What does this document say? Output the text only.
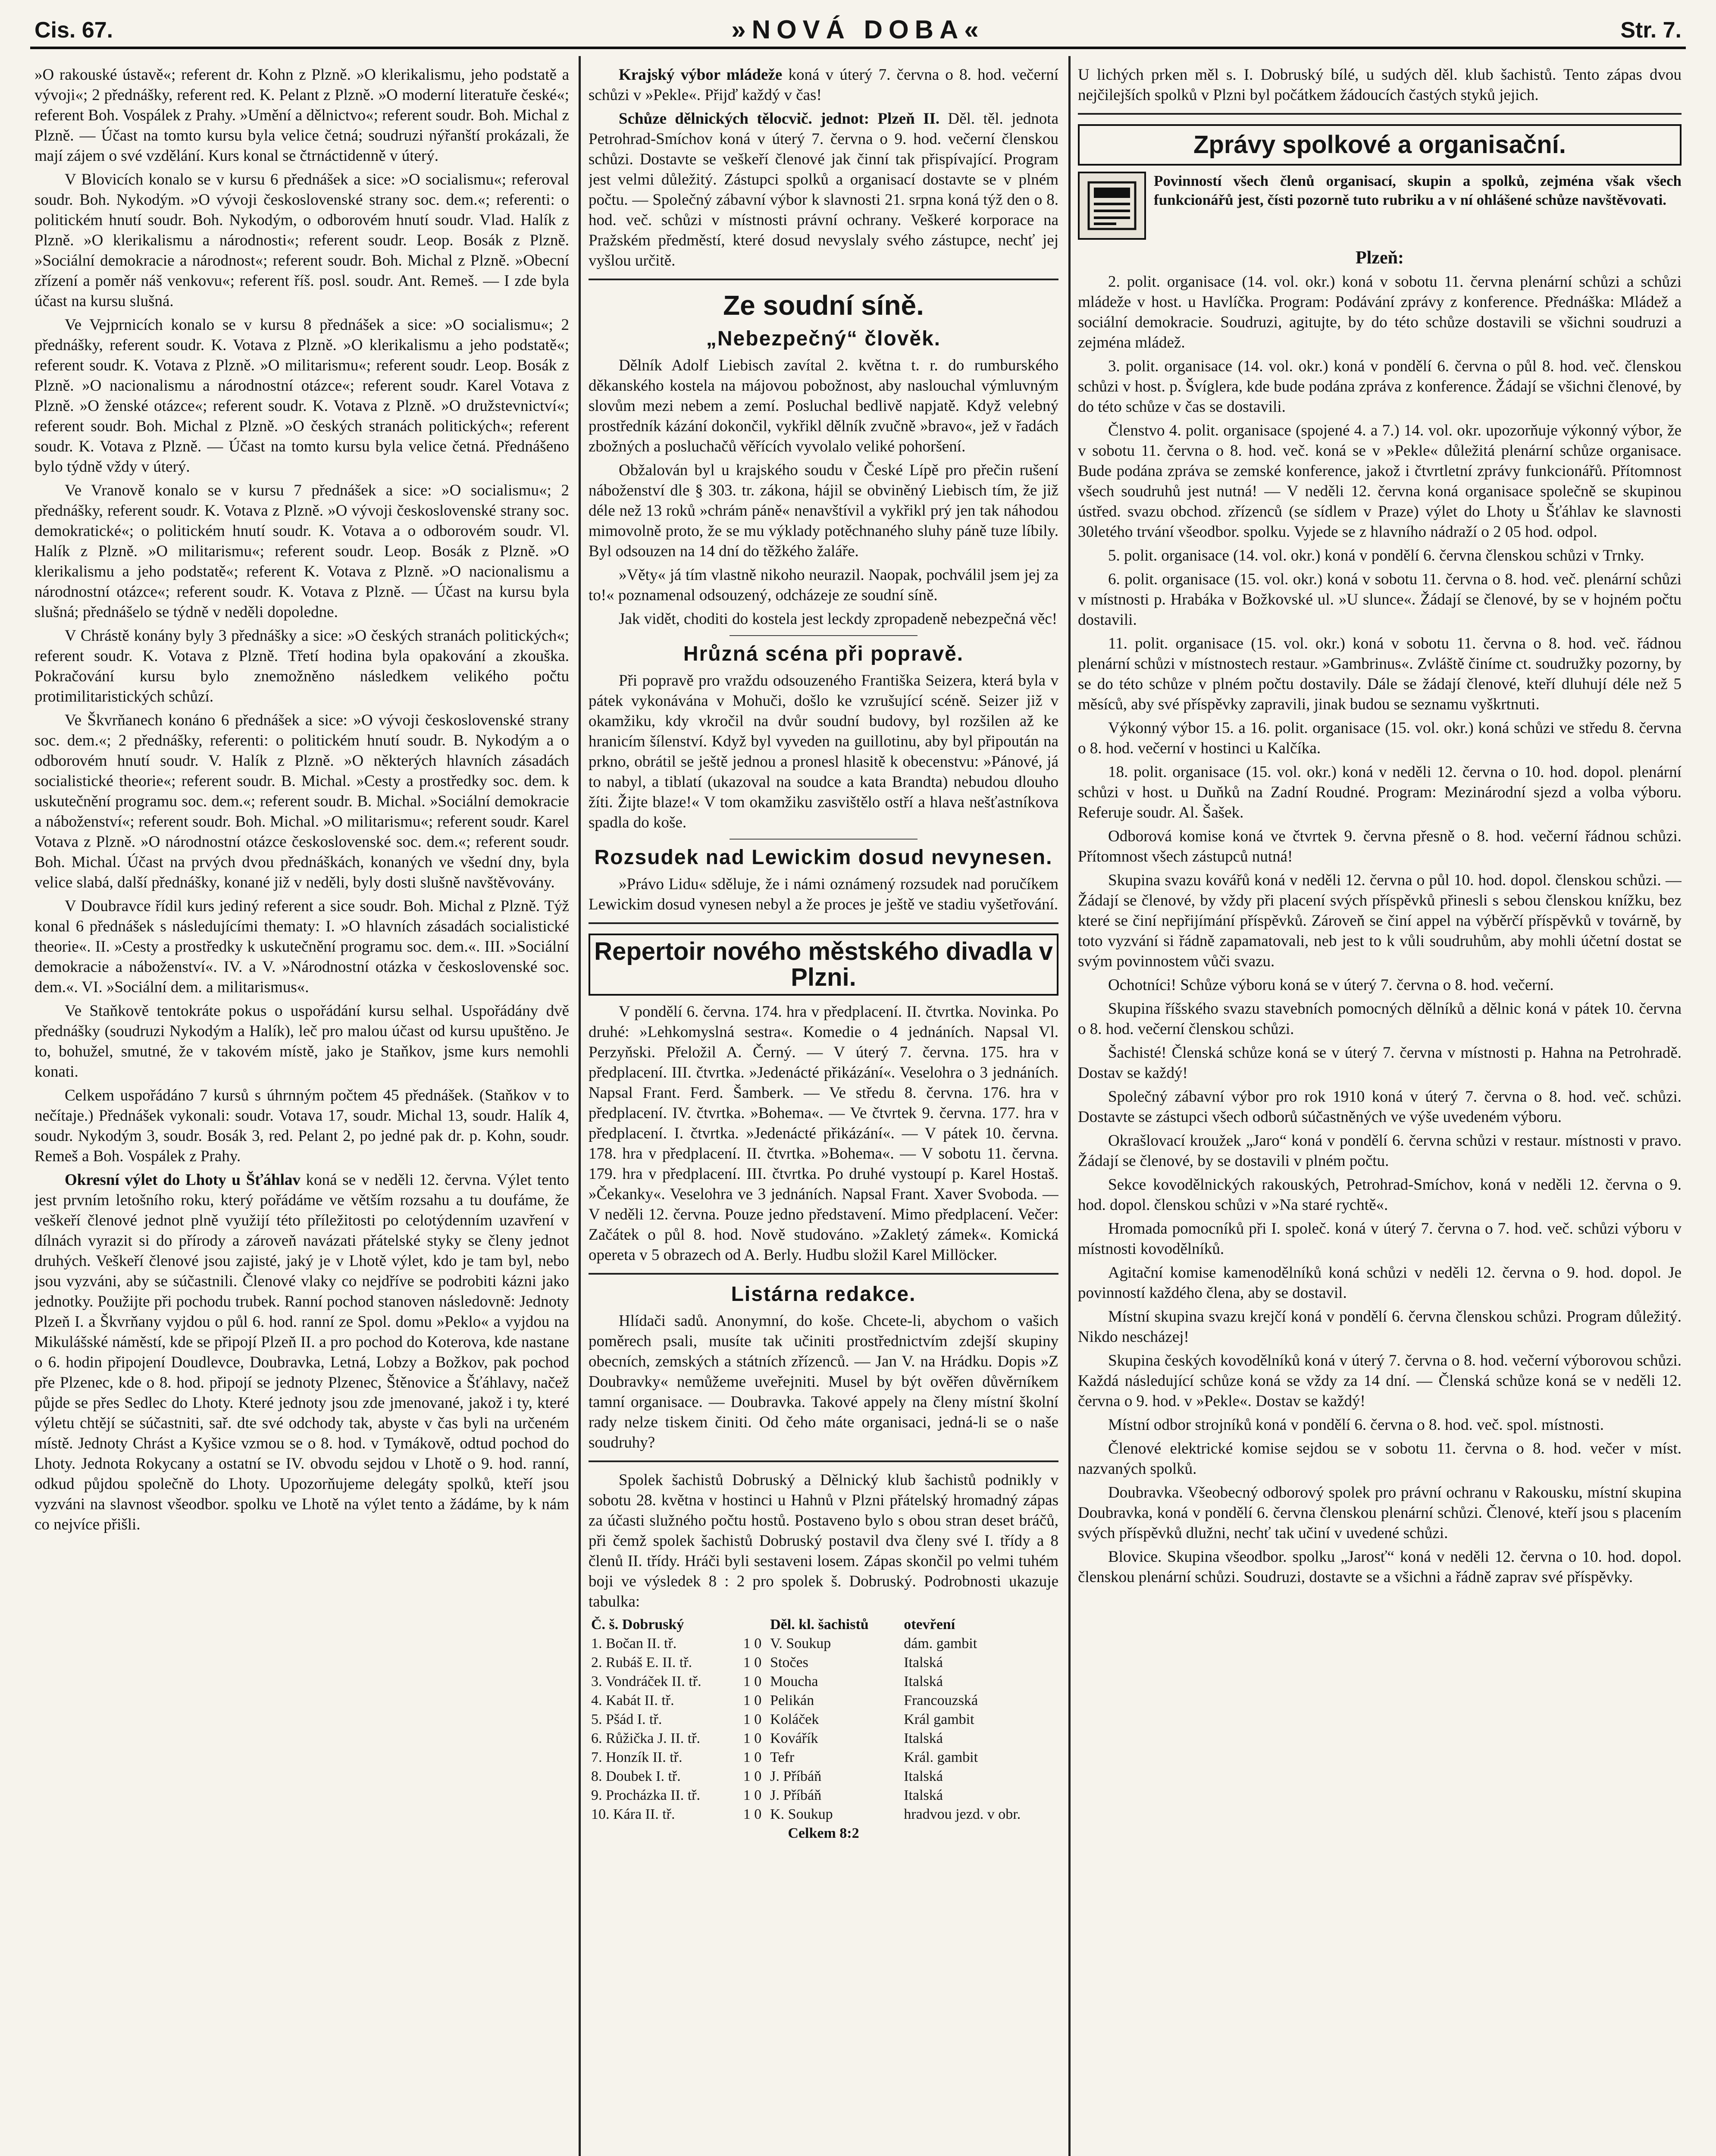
Cis. 67.	»NOVÁ DOBA«	Str. 7.

»O rakouské ústavě«; referent dr. Kohn z Plzně. »O klerikalismu, jeho podstatě a vývoji«; 2 přednášky, referent red. K. Pelant z Plzně. »O moderní literatuře české«; referent Boh. Vospálek z Prahy. »Umění a dělnictvo«; referent soudr. Boh. Michal z Plzně. — Účast na tomto kursu byla velice četná; soudruzi nýřanští prokázali, že mají zájem o své vzdělání. Kurs konal se čtrnáctidenně v úterý.

V Blovicích konalo se v kursu 6 přednášek a sice: »O socialismu«; referoval soudr. Boh. Nykodým. »O vývoji československé strany soc. dem.«; referenti: o politickém hnutí soudr. Boh. Nykodým, o odborovém hnutí soudr. Vlad. Halík z Plzně. »O klerikalismu a národnosti«; referent soudr. Leop. Bosák z Plzně. »Sociální demokracie a národnost«; referent soudr. Boh. Michal z Plzně. »Obecní zřízení a poměr náš venkovu«; referent říš. posl. soudr. Ant. Remeš. — I zde byla účast na kursu slušná.

Ve Vejprnicích konalo se v kursu 8 přednášek a sice: »O socialismu«; 2 přednášky, referent soudr. K. Votava z Plzně. »O klerikalismu a jeho podstatě«; referent soudr. K. Votava z Plzně. »O militarismu«; referent soudr. Leop. Bosák z Plzně. »O nacionalismu a národnostní otázce«; referent soudr. Karel Votava z Plzně. »O ženské otázce«; referent soudr. K. Votava z Plzně. »O družstevnictví«; referent soudr. Boh. Michal z Plzně. »O českých stranách politických«; referent soudr. K. Votava z Plzně. — Účast na tomto kursu byla velice četná. Přednášeno bylo týdně vždy v úterý.

Ve Vranově konalo se v kursu 7 přednášek a sice: »O socialismu«; 2 přednášky, referent soudr. K. Votava z Plzně. »O vývoji československé strany soc. demokratické«; o politickém hnutí soudr. K. Votava a o odborovém soudr. Vl. Halík z Plzně. »O militarismu«; referent soudr. Leop. Bosák z Plzně. »O klerikalismu a jeho podstatě«; referent K. Votava z Plzně. »O nacionalismu a národnostní otázce«; referent soudr. K. Votava z Plzně. — Účast na kursu byla slušná; přednášelo se týdně v neděli dopoledne.

V Chrástě konány byly 3 přednášky a sice: »O českých stranách politických«; referent soudr. K. Votava z Plzně. Třetí hodina byla opakování a zkouška. Pokračování kursu bylo znemožněno následkem velikého počtu protimilitaristických schůzí.

Ve Škvrňanech konáno 6 přednášek a sice: »O vývoji československé strany soc. dem.«; 2 přednášky, referenti: o politickém hnutí soudr. B. Nykodým a o odborovém hnutí soudr. V. Halík z Plzně. »O některých hlavních zásadách socialistické theorie«; referent soudr. B. Michal. »Cesty a prostředky soc. dem. k uskutečnění programu soc. dem.«; referent soudr. B. Michal. »Sociální demokracie a náboženství«; referent soudr. Boh. Michal. »O militarismu«; referent soudr. Karel Votava z Plzně. »O národnostní otázce československé soc. dem.«; referent soudr. Boh. Michal. Účast na prvých dvou přednáškách, konaných ve všední dny, byla velice slabá, další přednášky, konané již v neděli, byly dosti slušně navštěvovány.

V Doubravce řídil kurs jediný referent a sice soudr. Boh. Michal z Plzně. Týž konal 6 přednášek s následujícími thematy: I. »O hlavních zásadách socialistické theorie«. II. »Cesty a prostředky k uskutečnění programu soc. dem.«. III. »Sociální demokracie a náboženství«. IV. a V. »Národnostní otázka v československé soc. dem.«. VI. »Sociální dem. a militarismus«.

Ve Staňkově tentokráte pokus o uspořádání kursu selhal. Uspořádány dvě přednášky (soudruzi Nykodým a Halík), leč pro malou účast od kursu upuštěno. Je to, bohužel, smutné, že v takovém místě, jako je Staňkov, jsme kurs nemohli konati.

Celkem uspořádáno 7 kursů s úhrnným počtem 45 přednášek. (Staňkov v to nečítaje.) Přednášek vykonali: soudr. Votava 17, soudr. Michal 13, soudr. Halík 4, soudr. Nykodým 3, soudr. Bosák 3, red. Pelant 2, po jedné pak dr. p. Kohn, soudr. Remeš a Boh. Vospálek z Prahy.

Okresní výlet do Lhoty u Šťáhlav koná se v neděli 12. června. Výlet tento jest prvním letošního roku, který pořádáme ve větším rozsahu a tu doufáme, že veškeří členové jednot plně využijí této příležitosti po celotýdenním uzavření v dílnách vyrazit si do přírody a zároveň navázati přátelské styky se členy jednot druhých. Veškeří členové jsou zajisté, jaký je v Lhotě výlet, kdo je tam byl, nebo jsou vyzváni, aby se súčastnili. Členové vlaky co nejdříve se podrobiti kázni jako jednotky. Použijte při pochodu trubek. Ranní pochod stanoven následovně: Jednoty Plzeň I. a Škvrňany vyjdou o půl 6. hod. ranní ze Spol. domu »Peklo« a vyjdou na Mikulášské náměstí, kde se připojí Plzeň II. a pro pochod do Koterova, kde nastane o 6. hodin připojení Doudlevce, Doubravka, Letná, Lobzy a Božkov, pak pochod pře Plzenec, kde o 8. hod. připojí se jednoty Plzenec, Štěnovice a Šťáhlavy, načež půjde se přes Sedlec do Lhoty. Které jednoty jsou zde jmenované, jakož i ty, které výletu chtějí se súčastniti, sař. dte své odchody tak, abyste v čas byli na určeném místě. Jednoty Chrást a Kyšice vzmou se o 8. hod. v Tymákově, odtud pochod do Lhoty. Jednota Rokycany a ostatní se IV. obvodu sejdou v Lhotě o 9. hod. ranní, odkud půjdou společně do Lhoty. Upozorňujeme delegáty spolků, kteří jsou vyzváni na slavnost všeodbor. spolku ve Lhotě na výlet tento a žádáme, by k nám co nejvíce přišli.

Krajský výbor mládeže koná v úterý 7. června o 8. hod. večerní schůzi v »Pekle«. Přijď každý v čas!

Schůze dělnických tělocvič. jednot: Plzeň II. Děl. těl. jednota Petrohrad-Smíchov koná v úterý 7. června o 9. hod. večerní členskou schůzi. Dostavte se veškeří členové jak činní tak přispívající. Program jest velmi důležitý. Zástupci spolků a organisací dostavte se v plném počtu. — Společný zábavní výbor k slavnosti 21. srpna koná týž den o 8. hod. več. schůzi v místnosti právní ochrany. Veškeré korporace na Pražském předměstí, které dosud nevyslaly svého zástupce, nechť jej vyšlou určitě.

Ze soudní síně.
„Nebezpečný“ člověk.

Dělník Adolf Liebisch zavítal 2. května t. r. do rumburského děkanského kostela na májovou pobožnost, aby naslouchal výmluvným slovům mezi nebem a zemí. Posluchal bedlivě napjatě. Když velebný prostředník kázání dokončil, vykřikl dělník zvučně »bravo«, jež v řadách zbožných a posluchačů věřících vyvolalo veliké pohoršení.

Obžalován byl u krajského soudu v České Lípě pro přečin rušení náboženství dle § 303. tr. zákona, hájil se obviněný Liebisch tím, že již déle než 13 roků »chrám páně« nenavštívil a vykřikl prý jen tak náhodou mimovolně proto, že se mu výklady potěchnaného sluhy páně tuze líbily. Byl odsouzen na 14 dní do těžkého žaláře.

»Věty« já tím vlastně nikoho neurazil. Naopak, pochválil jsem jej za to!« poznamenal odsouzený, odcházeje ze soudní síně.

Jak vidět, choditi do kostela jest leckdy zpropadeně nebezpečná věc!

Hrůzná scéna při popravě.

Při popravě pro vraždu odsouzeného Františka Seizera, která byla v pátek vykonávána v Mohuči, došlo ke vzrušující scéně. Seizer již v okamžiku, kdy vkročil na dvůr soudní budovy, byl rozšilen až ke hranicím šílenství. Když byl vyveden na guillotinu, aby byl připoután na prkno, obrátil se ještě jednou a pronesl hlasitě k obecenstvu: »Pánové, já to nabyl, a tiblatí (ukazoval na soudce a kata Brandta) nebudou dlouho žíti. Žijte blaze!« V tom okamžiku zasvištělo ostří a hlava nešťastníkova spadla do koše.

Rozsudek nad Lewickim dosud nevynesen.

»Právo Lidu« sděluje, že i námi oznámený rozsudek nad poručíkem Lewickim dosud vynesen nebyl a že proces je ještě ve stadiu vyšetřování.

Repertoir nového městského divadla v Plzni.

V pondělí 6. června. 174. hra v předplacení. II. čtvrtka. Novinka. Po druhé: »Lehkomyslná sestra«. Komedie o 4 jednáních. Napsal Vl. Perzyňski. Přeložil A. Černý. — V úterý 7. června. 175. hra v předplacení. III. čtvrtka. »Jedenácté přikázání«. Veselohra o 3 jednáních. Napsal Frant. Ferd. Šamberk. — Ve středu 8. června. 176. hra v předplacení. IV. čtvrtka. »Bohema«. — Ve čtvrtek 9. června. 177. hra v předplacení. I. čtvrtka. »Jedenácté přikázání«. — V pátek 10. června. 178. hra v předplacení. II. čtvrtka. »Bohema«. — V sobotu 11. června. 179. hra v předplacení. III. čtvrtka. Po druhé vystoupí p. Karel Hostaš. »Čekanky«. Veselohra ve 3 jednáních. Napsal Frant. Xaver Svoboda. — V neděli 12. června. Pouze jedno představení. Mimo předplacení. Večer: Začátek o půl 8. hod. Nově studováno. »Zakletý zámek«. Komická opereta v 5 obrazech od A. Berly. Hudbu složil Karel Millöcker.

Listárna redakce.

Hlídači sadů. Anonymní, do koše. Chcete-li, abychom o vašich poměrech psali, musíte tak učiniti prostřednictvím zdejší skupiny obecních, zemských a státních zřízenců. — Jan V. na Hrádku. Dopis »Z Doubravky« nemůžeme uveřejniti. Musel by být ověřen důvěrníkem tamní organisace. — Doubravka. Takové appely na členy místní školní rady nelze tiskem činiti. Od čeho máte organisaci, jedná-li se o naše soudruhy?

Spolek šachistů Dobruský a Dělnický klub šachistů podnikly v sobotu 28. května v hostinci u Hahnů v Plzni přátelský hromadný zápas za účasti služného počtu hostů. Postaveno bylo s obou stran deset bráčů, při čemž spolek šachistů Dobruský postavil dva členy své I. třídy a 8 členů II. třídy. Hráči byli sestaveni losem. Zápas skončil po velmi tuhém boji ve výsledek 8 : 2 pro spolek š. Dobruský. Podrobnosti ukazuje tabulka:

Č. š. Dobruský		Děl. kl. šachistů	otevření
1. Bočan II. tř.	1 0	V. Soukup	dám. gambit
2. Rubáš E. II. tř.	1 0	Stočes	Italská
3. Vondráček II. tř.	1 0	Moucha	Italská
4. Kabát II. tř.	1 0	Pelikán	Francouzská
5. Pšád I. tř.	1 0	Koláček	Král gambit
6. Růžička J. II. tř.	1 0	Kovářík	Italská
7. Honzík II. tř.	1 0	Tefr	Král. gambit
8. Doubek I. tř.	1 0	J. Příbáň	Italská
9. Procházka II. tř.	1 0	J. Příbáň	Italská
10. Kára II. tř.	1 0	K. Soukup	hradvou jezd. v obr.
Celkem 8:2			

U lichých prken měl s. I. Dobruský bílé, u sudých děl. klub šachistů. Tento zápas dvou nejčilejších spolků v Plzni byl počátkem žádoucích častých styků jejich.

Zprávy spolkové a organisační.

Povinností všech členů organisací, skupin a spolků, zejména však všech funkcionářů jest, čísti pozorně tuto rubriku a v ní ohlášené schůze navštěvovati.

Plzeň:

2. polit. organisace (14. vol. okr.) koná v sobotu 11. června plenární schůzi a schůzi mládeže v host. u Havlíčka. Program: Podávání zprávy z konference. Přednáška: Mládež a sociální demokracie. Soudruzi, agitujte, by do této schůze dostavili se všichni soudruzi a zejména mládež.

3. polit. organisace (14. vol. okr.) koná v pondělí 6. června o půl 8. hod. več. členskou schůzi v host. p. Švíglera, kde bude podána zpráva z konference. Žádají se všichni členové, by do této schůze v čas se dostavili.

Členstvo 4. polit. organisace (spojené 4. a 7.) 14. vol. okr. upozorňuje výkonný výbor, že v sobotu 11. června o 8. hod. več. koná se v »Pekle« důležitá plenární schůze organisace. Bude podána zpráva se zemské konference, jakož i čtvrtletní zprávy funkcionářů. Přítomnost všech soudruhů jest nutná! — V neděli 12. června koná organisace společně se skupinou ústřed. svazu obchod. zřízenců (se sídlem v Praze) výlet do Lhoty u Šťáhlav ke slavnosti 30letého trvání všeodbor. spolku. Vyjede se z hlavního nádraží o 2 05 hod. odpol.

5. polit. organisace (14. vol. okr.) koná v pondělí 6. června členskou schůzi v Trnky.

6. polit. organisace (15. vol. okr.) koná v sobotu 11. června o 8. hod. več. plenární schůzi v místnosti p. Hrabáka v Božkovské ul. »U slunce«. Žádají se členové, by se v hojném počtu dostavili.

11. polit. organisace (15. vol. okr.) koná v sobotu 11. června o 8. hod. več. řádnou plenární schůzi v místnostech restaur. »Gambrinus«. Zvláště činíme ct. soudružky pozorny, by se do této schůze v plném počtu dostavily. Dále se žádají členové, kteří dluhují déle než 5 měsíců, aby své příspěvky zapravili, jinak budou se seznamu vyškrtnuti.

Výkonný výbor 15. a 16. polit. organisace (15. vol. okr.) koná schůzi ve středu 8. června o 8. hod. večerní v hostinci u Kalčíka.

18. polit. organisace (15. vol. okr.) koná v neděli 12. června o 10. hod. dopol. plenární schůzi v host. u Duňků na Zadní Roudné. Program: Mezinárodní sjezd a volba výboru. Referuje soudr. Al. Šašek.

Odborová komise koná ve čtvrtek 9. června přesně o 8. hod. večerní řádnou schůzi. Přítomnost všech zástupců nutná!

Skupina svazu kovářů koná v neděli 12. června o půl 10. hod. dopol. členskou schůzi. — Žádají se členové, by vždy při placení svých příspěvků přinesli s sebou členskou knížku, bez které se činí nepřijímání příspěvků. Zároveň se činí appel na výběrčí příspěvků v továrně, by toto vyzvání si řádně zapamatovali, neb jest to k vůli soudruhům, aby mohli účetní dostat se svým povinnostem vůči svazu.

Ochotníci! Schůze výboru koná se v úterý 7. června o 8. hod. večerní.

Skupina říšského svazu stavebních pomocných dělníků a dělnic koná v pátek 10. června o 8. hod. večerní členskou schůzi.

Šachisté! Členská schůze koná se v úterý 7. června v místnosti p. Hahna na Petrohradě. Dostav se každý!

Společný zábavní výbor pro rok 1910 koná v úterý 7. června o 8. hod. več. schůzi. Dostavte se zástupci všech odborů súčastněných ve výše uvedeném výboru.

Okrašlovací kroužek „Jaro“ koná v pondělí 6. června schůzi v restaur. místnosti v pravo. Žádají se členové, by se dostavili v plném počtu.

Sekce kovodělnických rakouských, Petrohrad-Smíchov, koná v neděli 12. června o 9. hod. dopol. členskou schůzi v »Na staré rychtě«.

Hromada pomocníků při I. společ. koná v úterý 7. června o 7. hod. več. schůzi výboru v místnosti kovodělníků.

Agitační komise kamenodělníků koná schůzi v neděli 12. června o 9. hod. dopol. Je povinností každého člena, aby se dostavil.

Místní skupina svazu krejčí koná v pondělí 6. června členskou schůzi. Program důležitý. Nikdo nescházej!

Skupina českých kovodělníků koná v úterý 7. června o 8. hod. večerní výborovou schůzi. Každá následující schůze koná se vždy za 14 dní. — Členská schůze koná se v neděli 12. června o 9. hod. v »Pekle«. Dostav se každý!

Místní odbor strojníků koná v pondělí 6. června o 8. hod. več. spol. místnosti.

Členové elektrické komise sejdou se v sobotu 11. června o 8. hod. večer v míst. nazvaných spolků.

Doubravka. Všeobecný odborový spolek pro právní ochranu v Rakousku, místní skupina Doubravka, koná v pondělí 6. června členskou plenární schůzi. Členové, kteří jsou s placením svých příspěvků dlužni, nechť tak učiní v uvedené schůzi.

Blovice. Skupina všeodbor. spolku „Jarosť“ koná v neděli 12. června o 10. hod. dopol. členskou plenární schůzi. Soudruzi, dostavte se a všichni a řádně zaprav své příspěvky.
